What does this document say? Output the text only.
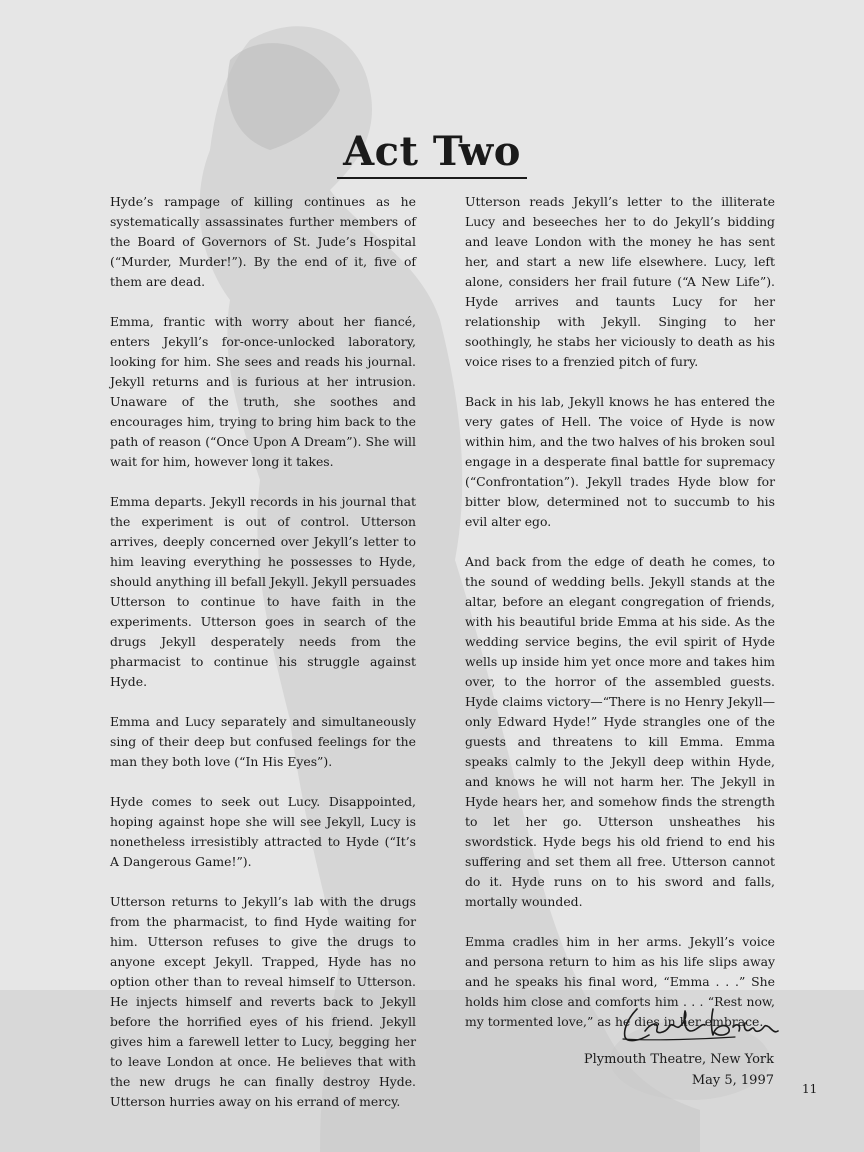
Act Two

Hyde’s rampage of killing continues as he systematically assassinates further members of the Board of Governors of St. Jude’s Hospital (“Murder, Murder!”). By the end of it, five of them are dead.

Emma, frantic with worry about her fiancé, enters Jekyll’s for-once-unlocked laboratory, looking for him. She sees and reads his journal. Jekyll returns and is furious at her intrusion. Unaware of the truth, she soothes and encourages him, trying to bring him back to the path of reason (“Once Upon A Dream”). She will wait for him, however long it takes.

Emma departs. Jekyll records in his journal that the experiment is out of control. Utterson arrives, deeply concerned over Jekyll’s letter to him leaving everything he possesses to Hyde, should anything ill befall Jekyll. Jekyll persuades Utterson to continue to have faith in the experiments. Utterson goes in search of the drugs Jekyll desperately needs from the pharmacist to continue his struggle against Hyde.

Emma and Lucy separately and simultaneously sing of their deep but confused feelings for the man they both love (“In His Eyes”).

Hyde comes to seek out Lucy. Disappointed, hoping against hope she will see Jekyll, Lucy is nonetheless irresistibly attracted to Hyde (“It’s A Dangerous Game!”).

Utterson returns to Jekyll’s lab with the drugs from the pharmacist, to find Hyde waiting for him. Utterson refuses to give the drugs to anyone except Jekyll. Trapped, Hyde has no option other than to reveal himself to Utterson. He injects himself and reverts back to Jekyll before the horrified eyes of his friend. Jekyll gives him a farewell letter to Lucy, begging her to leave London at once. He believes that with the new drugs he can finally destroy Hyde. Utterson hurries away on his errand of mercy.

Utterson reads Jekyll’s letter to the illiterate Lucy and beseeches her to do Jekyll’s bidding and leave London with the money he has sent her, and start a new life elsewhere. Lucy, left alone, considers her frail future (“A New Life”). Hyde arrives and taunts Lucy for her relationship with Jekyll. Singing to her soothingly, he stabs her viciously to death as his voice rises to a frenzied pitch of fury.

Back in his lab, Jekyll knows he has entered the very gates of Hell. The voice of Hyde is now within him, and the two halves of his broken soul engage in a desperate final battle for supremacy (“Confrontation”). Jekyll trades Hyde blow for bitter blow, determined not to succumb to his evil alter ego.

And back from the edge of death he comes, to the sound of wedding bells. Jekyll stands at the altar, before an elegant congregation of friends, with his beautiful bride Emma at his side. As the wedding service begins, the evil spirit of Hyde wells up inside him yet once more and takes him over, to the horror of the assembled guests. Hyde claims victory—“There is no Henry Jekyll—only Edward Hyde!” Hyde strangles one of the guests and threatens to kill Emma. Emma speaks calmly to the Jekyll deep within Hyde, and knows he will not harm her. The Jekyll in Hyde hears her, and somehow finds the strength to let her go. Utterson unsheathes his swordstick. Hyde begs his old friend to end his suffering and set them all free. Utterson cannot do it. Hyde runs on to his sword and falls, mortally wounded.

Emma cradles him in her arms. Jekyll’s voice and persona return to him as his life slips away and he speaks his final word, “Emma . . .” She holds him close and comforts him . . . “Rest now, my tormented love,” as he dies in her embrace.

Plymouth Theatre, New York
May 5, 1997
11
